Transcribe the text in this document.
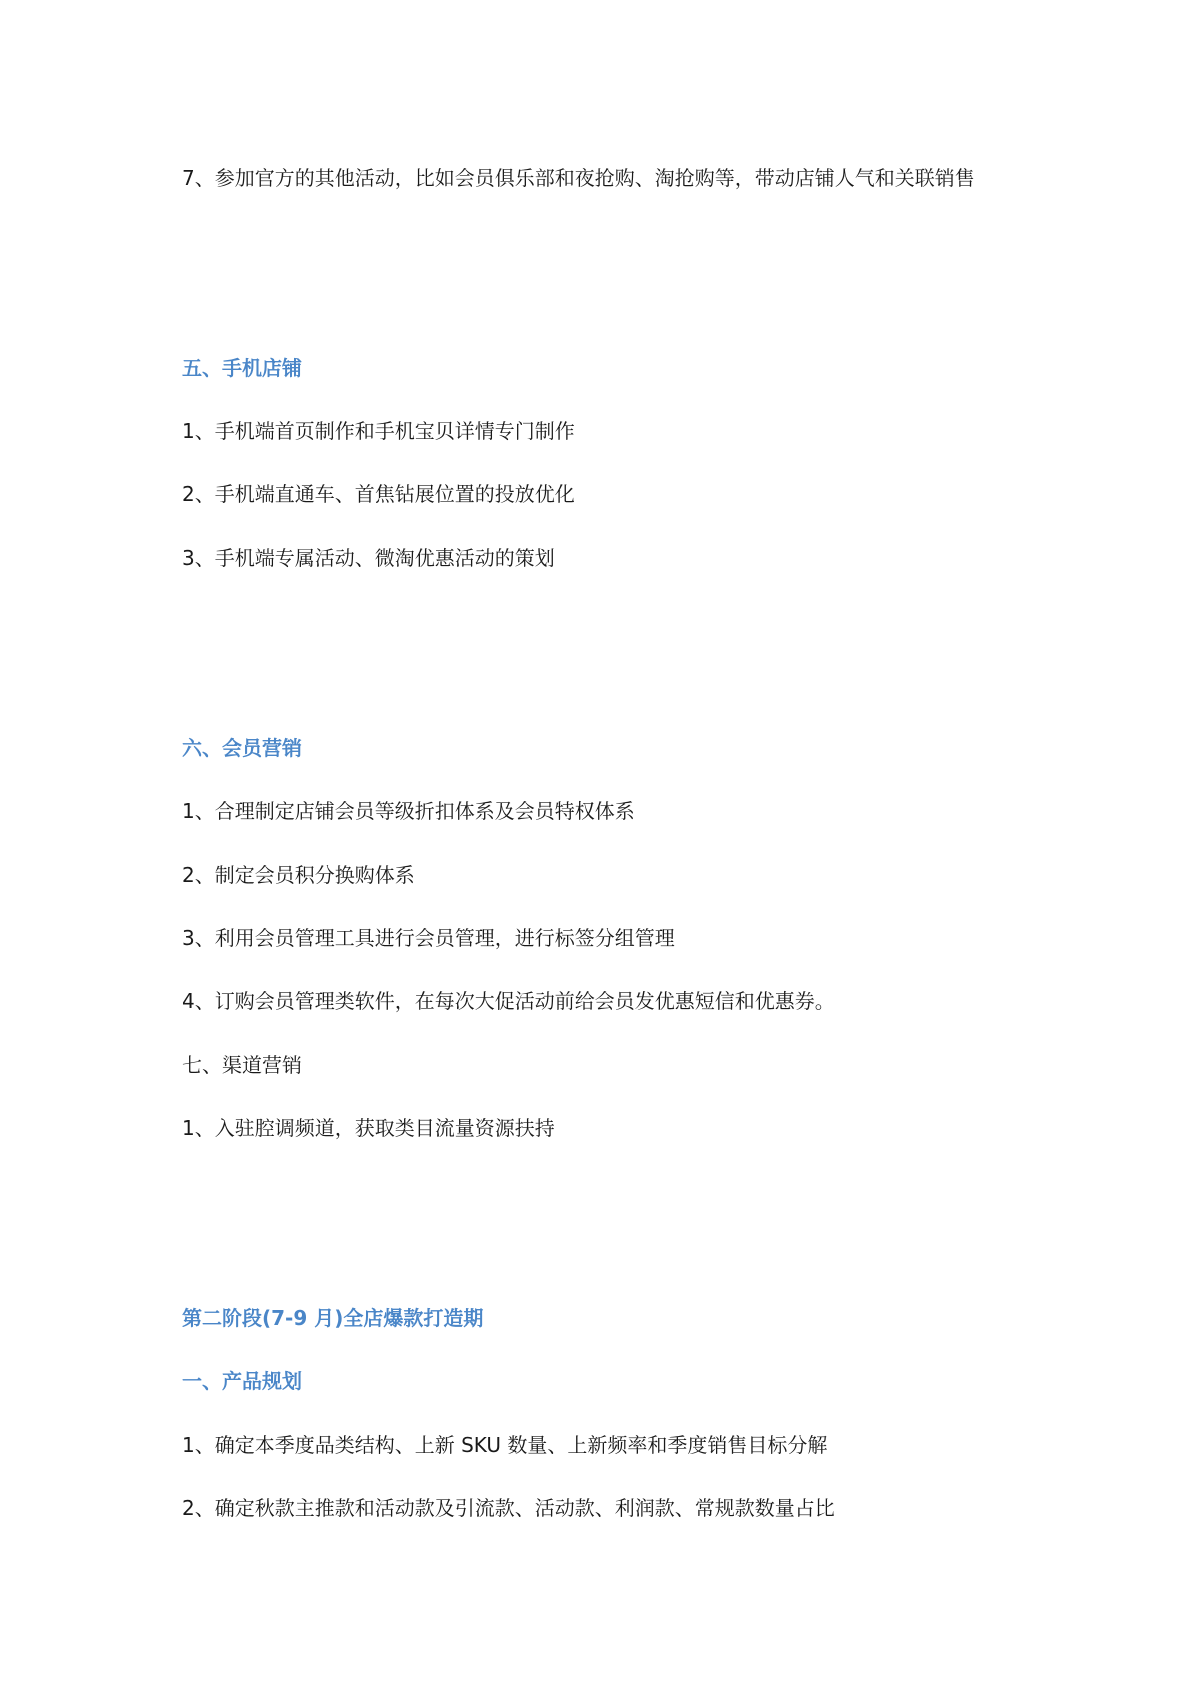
7、参加官方的其他活动，比如会员俱乐部和夜抢购、淘抢购等，带动店铺人气和关联销售
五、手机店铺
1、手机端首页制作和手机宝贝详情专门制作
2、手机端直通车、首焦钻展位置的投放优化
3、手机端专属活动、微淘优惠活动的策划
六、会员营销
1、合理制定店铺会员等级折扣体系及会员特权体系
2、制定会员积分换购体系
3、利用会员管理工具进行会员管理，进行标签分组管理
4、订购会员管理类软件，在每次大促活动前给会员发优惠短信和优惠券。
七、渠道营销
1、入驻腔调频道，获取类目流量资源扶持
第二阶段(7-9 月)全店爆款打造期
一、产品规划
1、确定本季度品类结构、上新 SKU 数量、上新频率和季度销售目标分解
2、确定秋款主推款和活动款及引流款、活动款、利润款、常规款数量占比
